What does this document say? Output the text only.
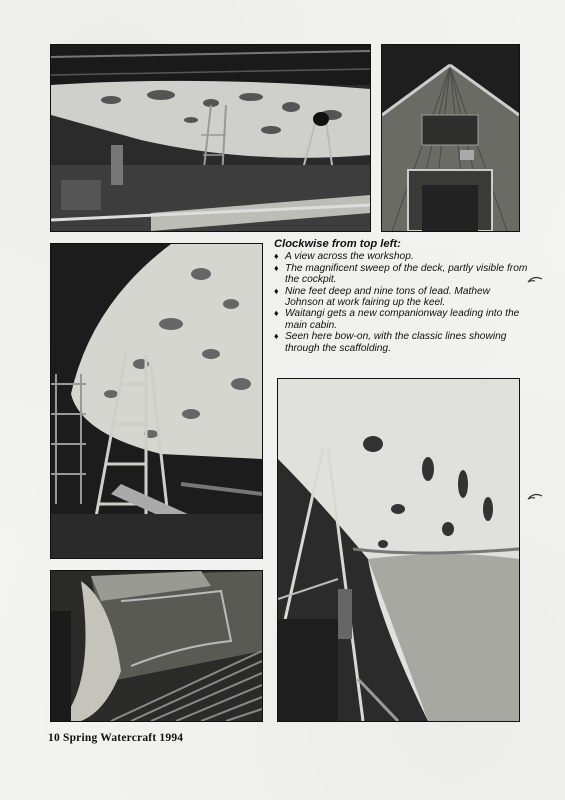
Clockwise from top left:
♦ A view across the workshop.
♦ The magnificent sweep of the deck, partly visible from the cockpit.
♦ Nine feet deep and nine tons of lead. Mathew Johnson at work fairing up the keel.
♦ Waitangi gets a new companionway leading into the main cabin.
♦ Seen here bow-on, with the classic lines showing through the scaffolding.
10 Spring Watercraft 1994
